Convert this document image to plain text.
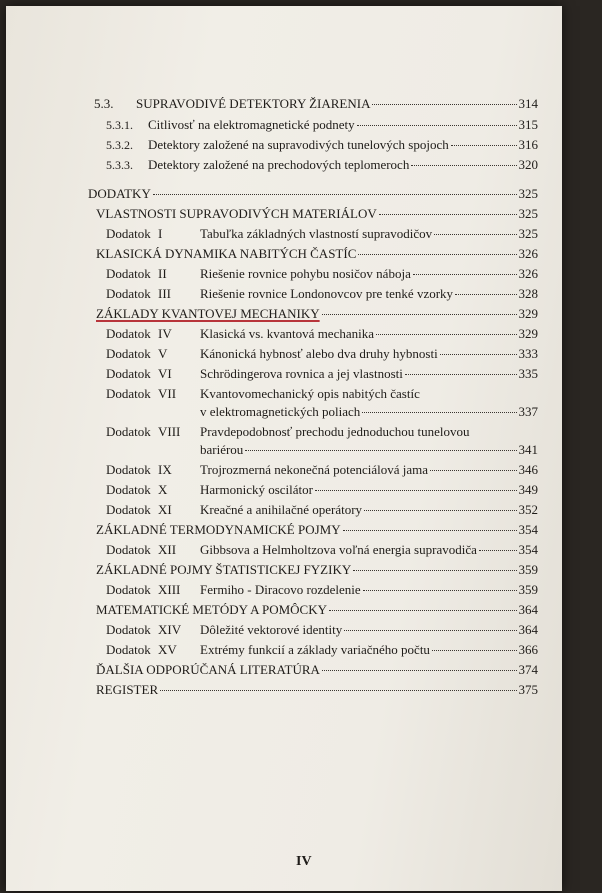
5.3.	SUPRAVODIVÉ DETEKTORY ŽIARENIA	314
5.3.1.	Citlivosť na elektromagnetické podnety	315
5.3.2.	Detektory založené na supravodivých tunelových spojoch	316
5.3.3.	Detektory založené na prechodových teplomeroch	320
DODATKY	325
VLASTNOSTI SUPRAVODIVÝCH MATERIÁLOV	325
Dodatok I	Tabuľka základných vlastností supravodičov	325
KLASICKÁ DYNAMIKA NABITÝCH ČASTÍC	326
Dodatok II	Riešenie rovnice pohybu nosičov náboja	326
Dodatok III	Riešenie rovnice Londonovcov pre tenké vzorky	328
ZÁKLADY KVANTOVEJ MECHANIKY	329
Dodatok IV	Klasická vs. kvantová mechanika	329
Dodatok V	Kánonická hybnosť alebo dva druhy hybnosti	333
Dodatok VI	Schrödingerova rovnica a jej vlastnosti	335
Dodatok VII	Kvantovomechanický opis nabitých častíc
v elektromagnetických poliach	337
Dodatok VIII	Pravdepodobnosť prechodu jednoduchou tunelovou
bariérou	341
Dodatok IX	Trojrozmerná nekonečná potenciálová jama	346
Dodatok X	Harmonický oscilátor	349
Dodatok XI	Kreačné a anihilačné operátory	352
ZÁKLADNÉ TERMODYNAMICKÉ POJMY	354
Dodatok XII	Gibbsova a Helmholtzova voľná energia supravodiča	354
ZÁKLADNÉ POJMY ŠTATISTICKEJ FYZIKY	359
Dodatok XIII	Fermiho - Diracovo rozdelenie	359
MATEMATICKÉ METÓDY A POMÔCKY	364
Dodatok XIV	Dôležité vektorové identity	364
Dodatok XV	Extrémy funkcií a základy variačného počtu	366
ĎALŠIA ODPORÚČANÁ LITERATÚRA	374
REGISTER	375
IV
